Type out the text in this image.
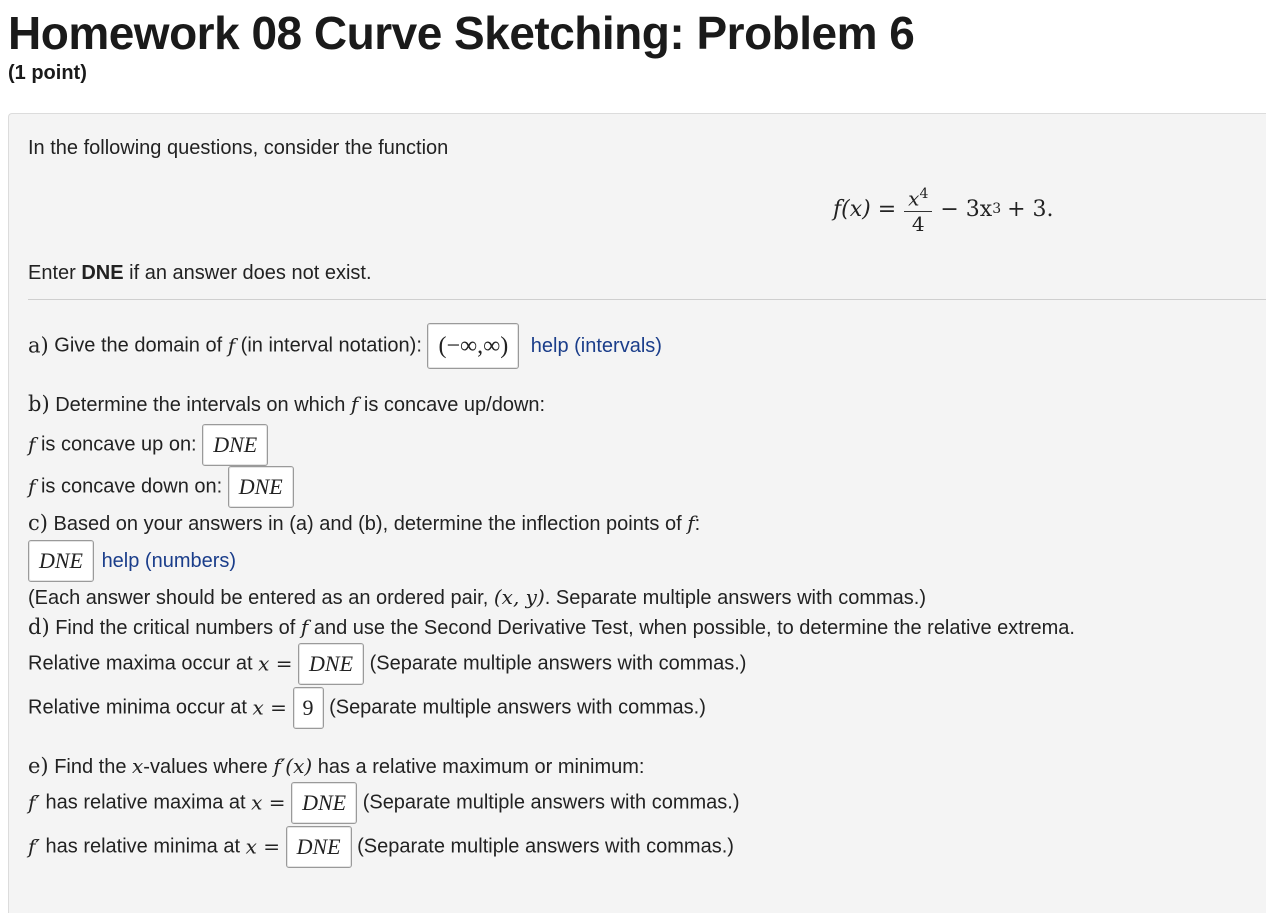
Homework 08 Curve Sketching: Problem 6
(1 point)
In the following questions, consider the function
$f(x) = \frac{x^4}{4} - 3x$ 3 + 3.
Enter DNE if an answer does not exist.
a) Give the domain of f (in interval notation): (−∞,∞) help (intervals)
b) Determine the intervals on which f is concave up/down:
f is concave up on: DNE
f is concave down on: DNE
c) Based on your answers in (a) and (b), determine the inflection points of f:
DNE help (numbers)
(Each answer should be entered as an ordered pair, (x, y). Separate multiple answers with commas.)
d) Find the critical numbers of f and use the Second Derivative Test, when possible, to determine the relative extrema.
Relative maxima occur at x = DNE (Separate multiple answers with commas.)
Relative minima occur at x = 9 (Separate multiple answers with commas.)
e) Find the x-values where f′(x) has a relative maximum or minimum:
f′ has relative maxima at x = DNE (Separate multiple answers with commas.)
f′ has relative minima at x = DNE (Separate multiple answers with commas.)
